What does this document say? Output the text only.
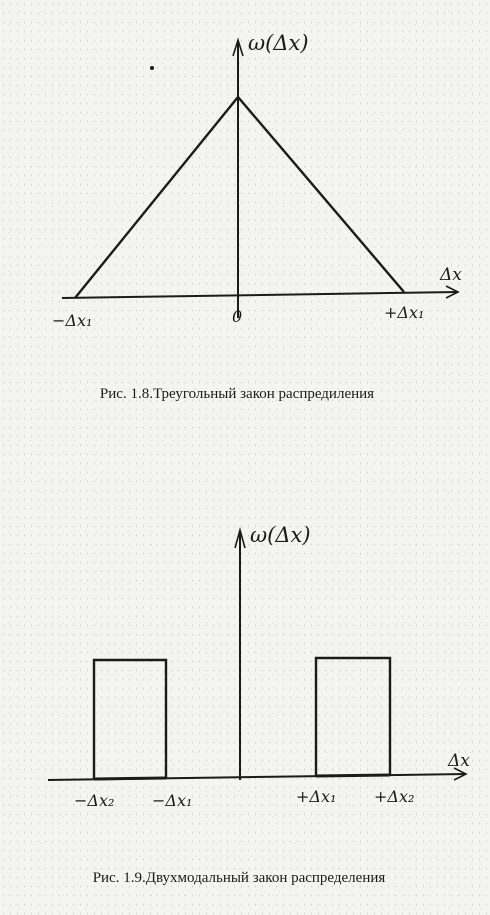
ω(Δx)
Δx
−Δx₁	0	+Δx₁

Рис. 1.8.Треугольный закон распредиления

ω(Δx)
Δx
−Δx₂ −Δx₁	+Δx₁ +Δx₂

Рис. 1.9.Двухмодальный закон распределения
